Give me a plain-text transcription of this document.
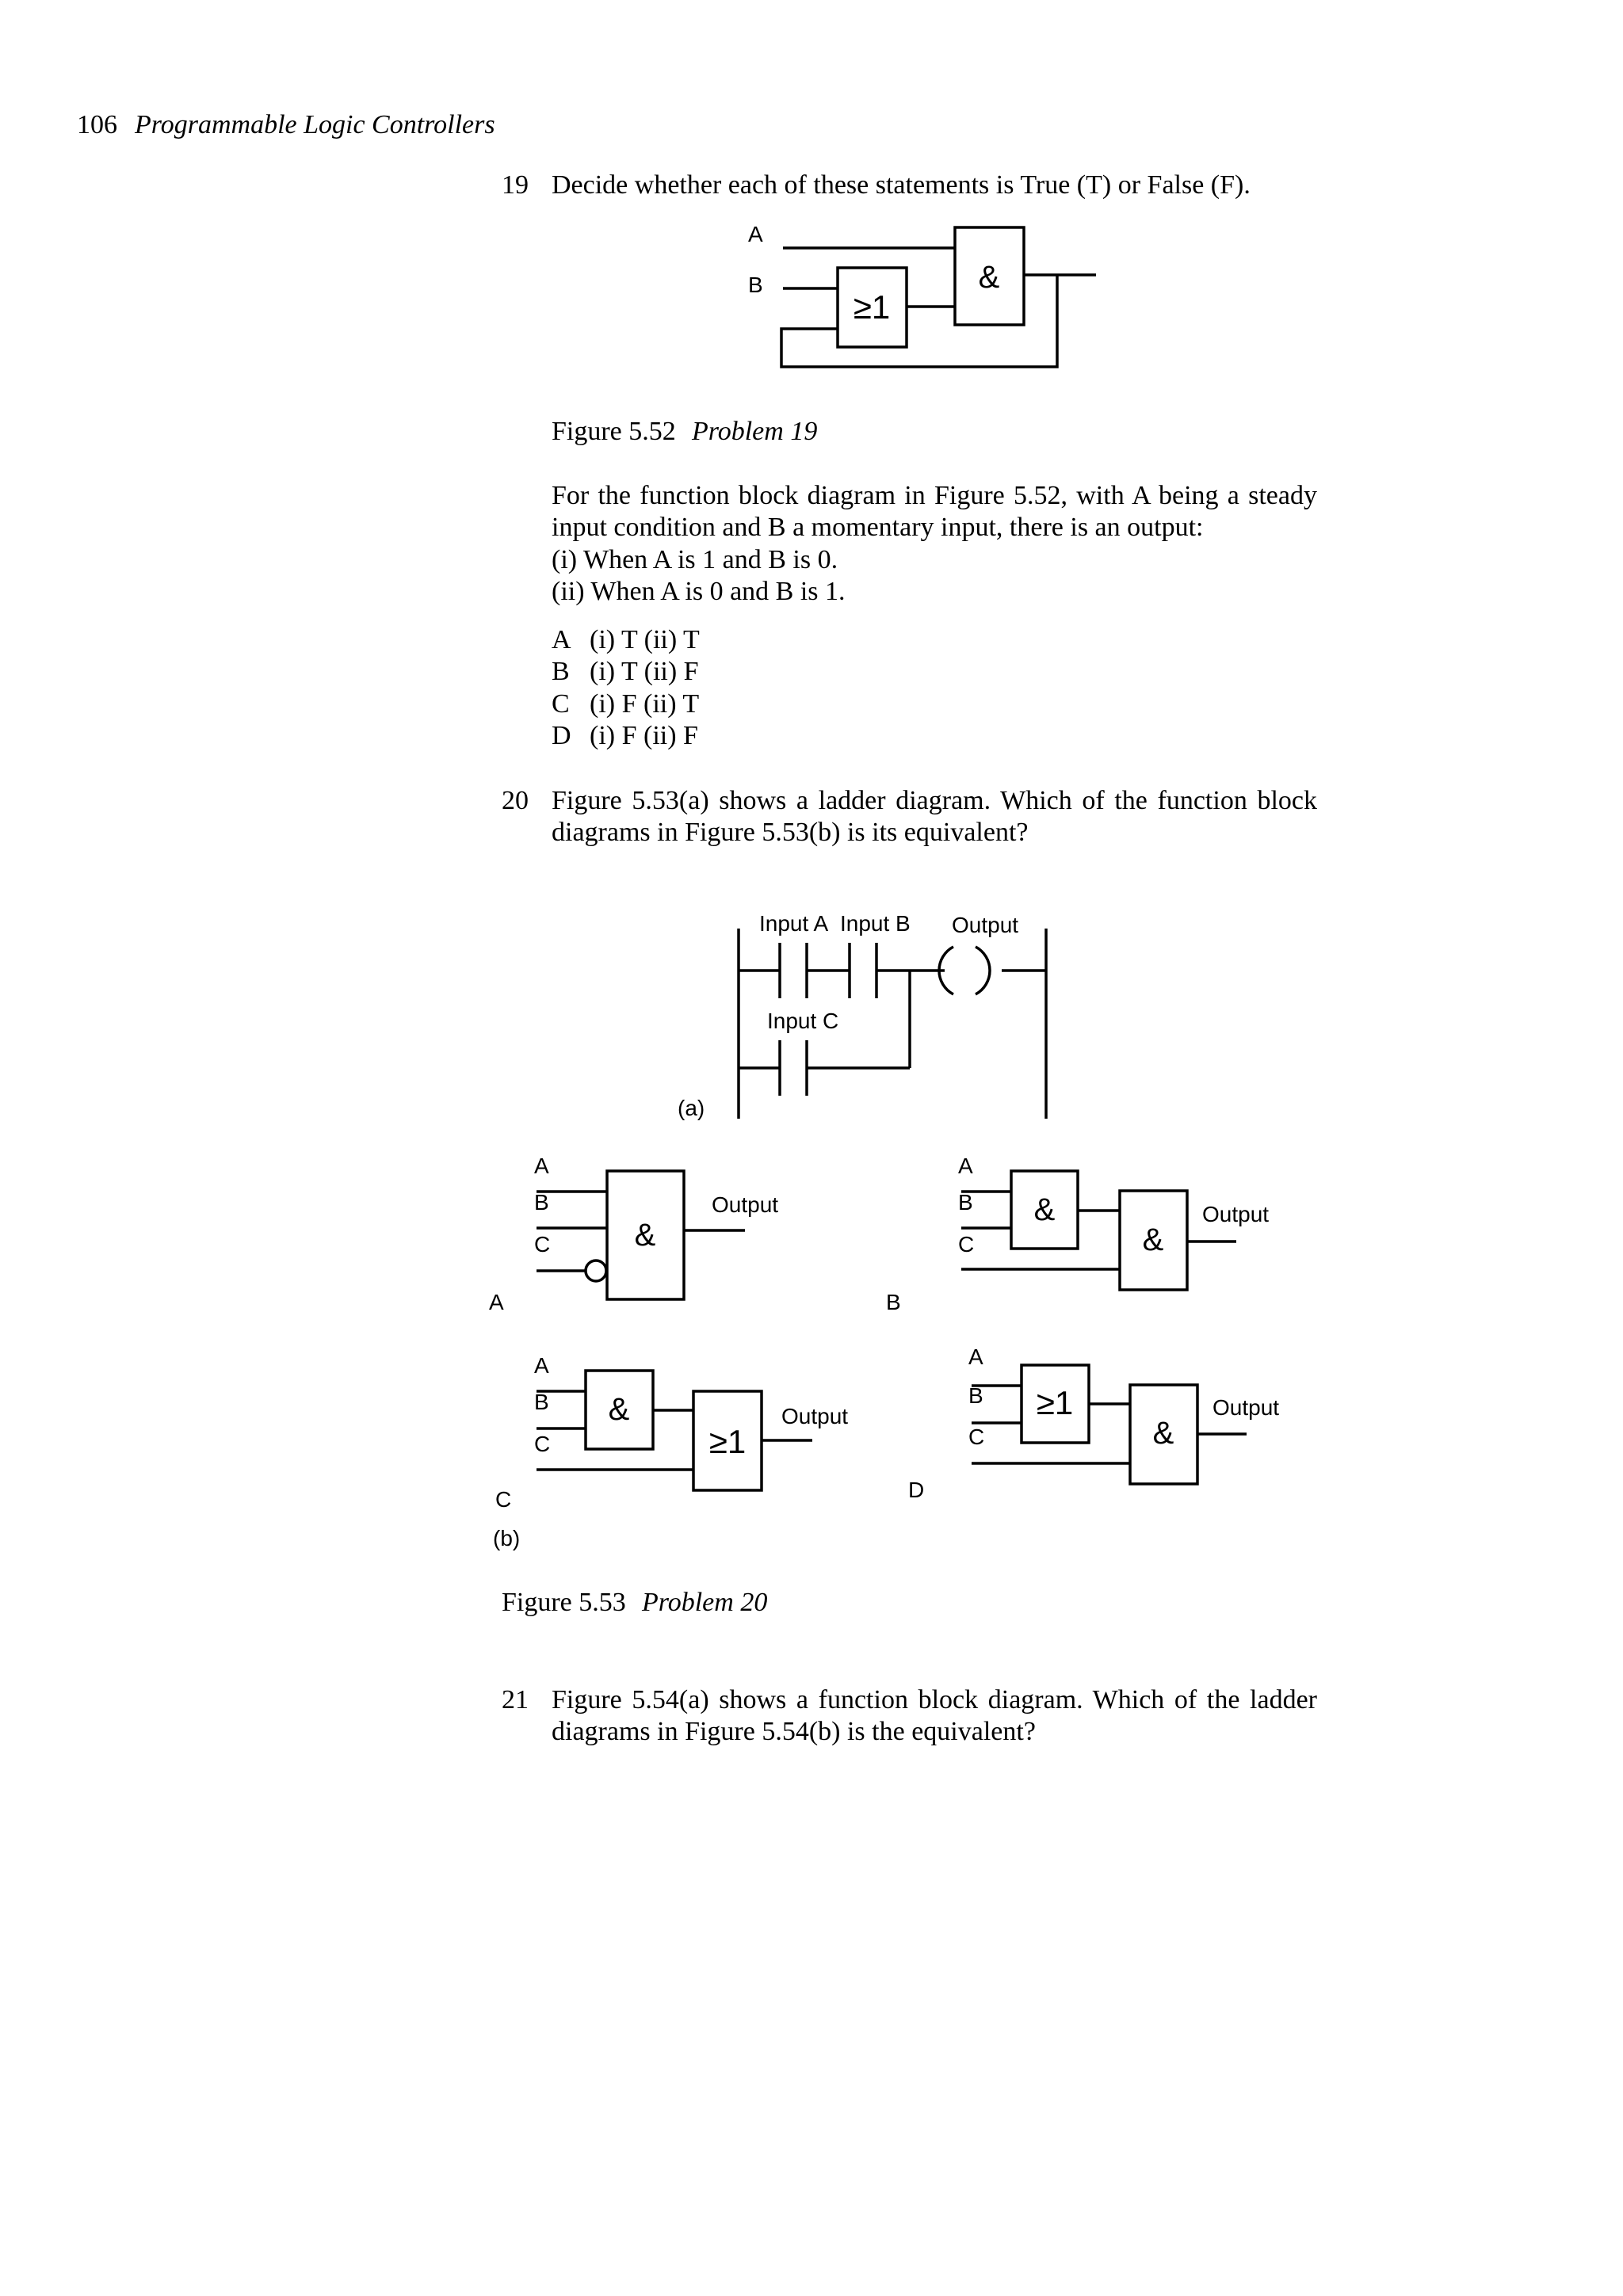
106 Programmable Logic Controllers
19 Decide whether each of these statements is True (T) or False (F).
A
B
≥1
&
Input A Input B Output
Input C
(a)
A
B
C	&
Output
A
A
B
C
&
&
Output
B
A
B
C
&
≥1
Output
C
A
B
C
≥1
&
Output
D
(b)
Figure 5.52 Problem 19
For the function block diagram in Figure 5.52, with A being a steady
input condition and B a momentary input, there is an output:
(i) When A is 1 and B is 0.
(ii) When A is 0 and B is 1.
A (i) T (ii) T
B (i) T (ii) F
C (i) F (ii) T
D (i) F (ii) F
20 Figure 5.53(a) shows a ladder diagram. Which of the function block
diagrams in Figure 5.53(b) is its equivalent?
Figure 5.53 Problem 20
21 Figure 5.54(a) shows a function block diagram. Which of the ladder
diagrams in Figure 5.54(b) is the equivalent?
